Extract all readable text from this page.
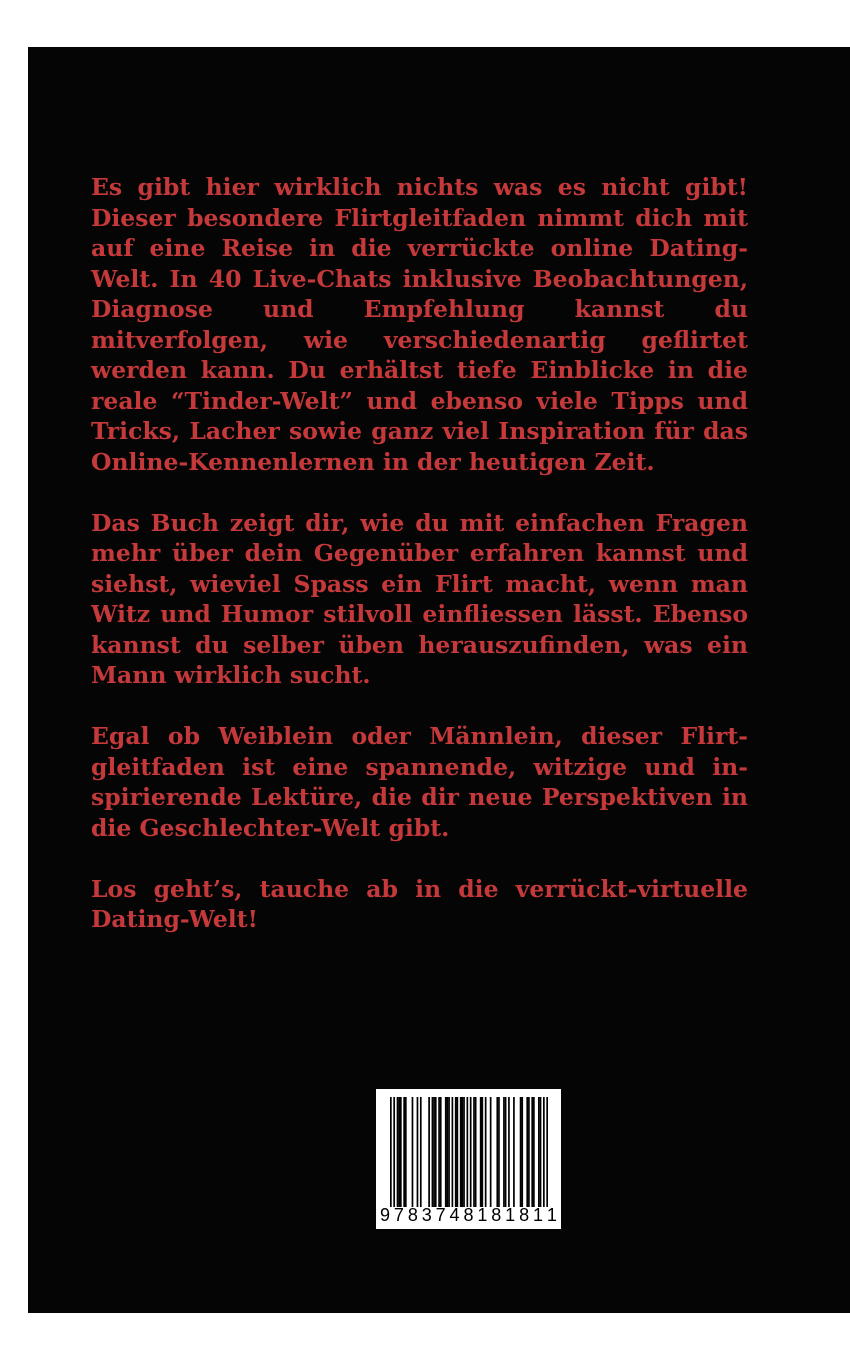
Es gibt hier wirklich nichts was es nicht gibt! Dieser besondere Flirtgleitfaden nimmt dich mit auf eine Reise in die verrückte online Dating-Welt. In 40 Live-Chats inklusive Beobachtungen, Diagnose und Empfehlung kannst du mitverfolgen, wie verschiedenartig geflirtet werden kann. Du erhältst tiefe Einblicke in die reale “Tinder-Welt” und ebenso viele Tipps und Tricks, Lacher sowie ganz viel Inspiration für das Online-Kennenlernen in der heutigen Zeit.

Das Buch zeigt dir, wie du mit einfachen Fragen mehr über dein Gegenüber erfahren kannst und siehst, wieviel Spass ein Flirt macht, wenn man Witz und Humor stilvoll einfliessen lässt. Ebenso kannst du selber üben herauszufinden, was ein Mann wirklich sucht.

Egal ob Weiblein oder Männlein, dieser Flirtgleitfaden ist eine spannende, witzige und inspirierende Lektüre, die dir neue Perspektiven in die Geschlechter-Welt gibt.

Los geht’s, tauche ab in die verrückt-virtuelle Dating-Welt!

9 7 8 3 7 4 8 1 8 1 8 1 1
